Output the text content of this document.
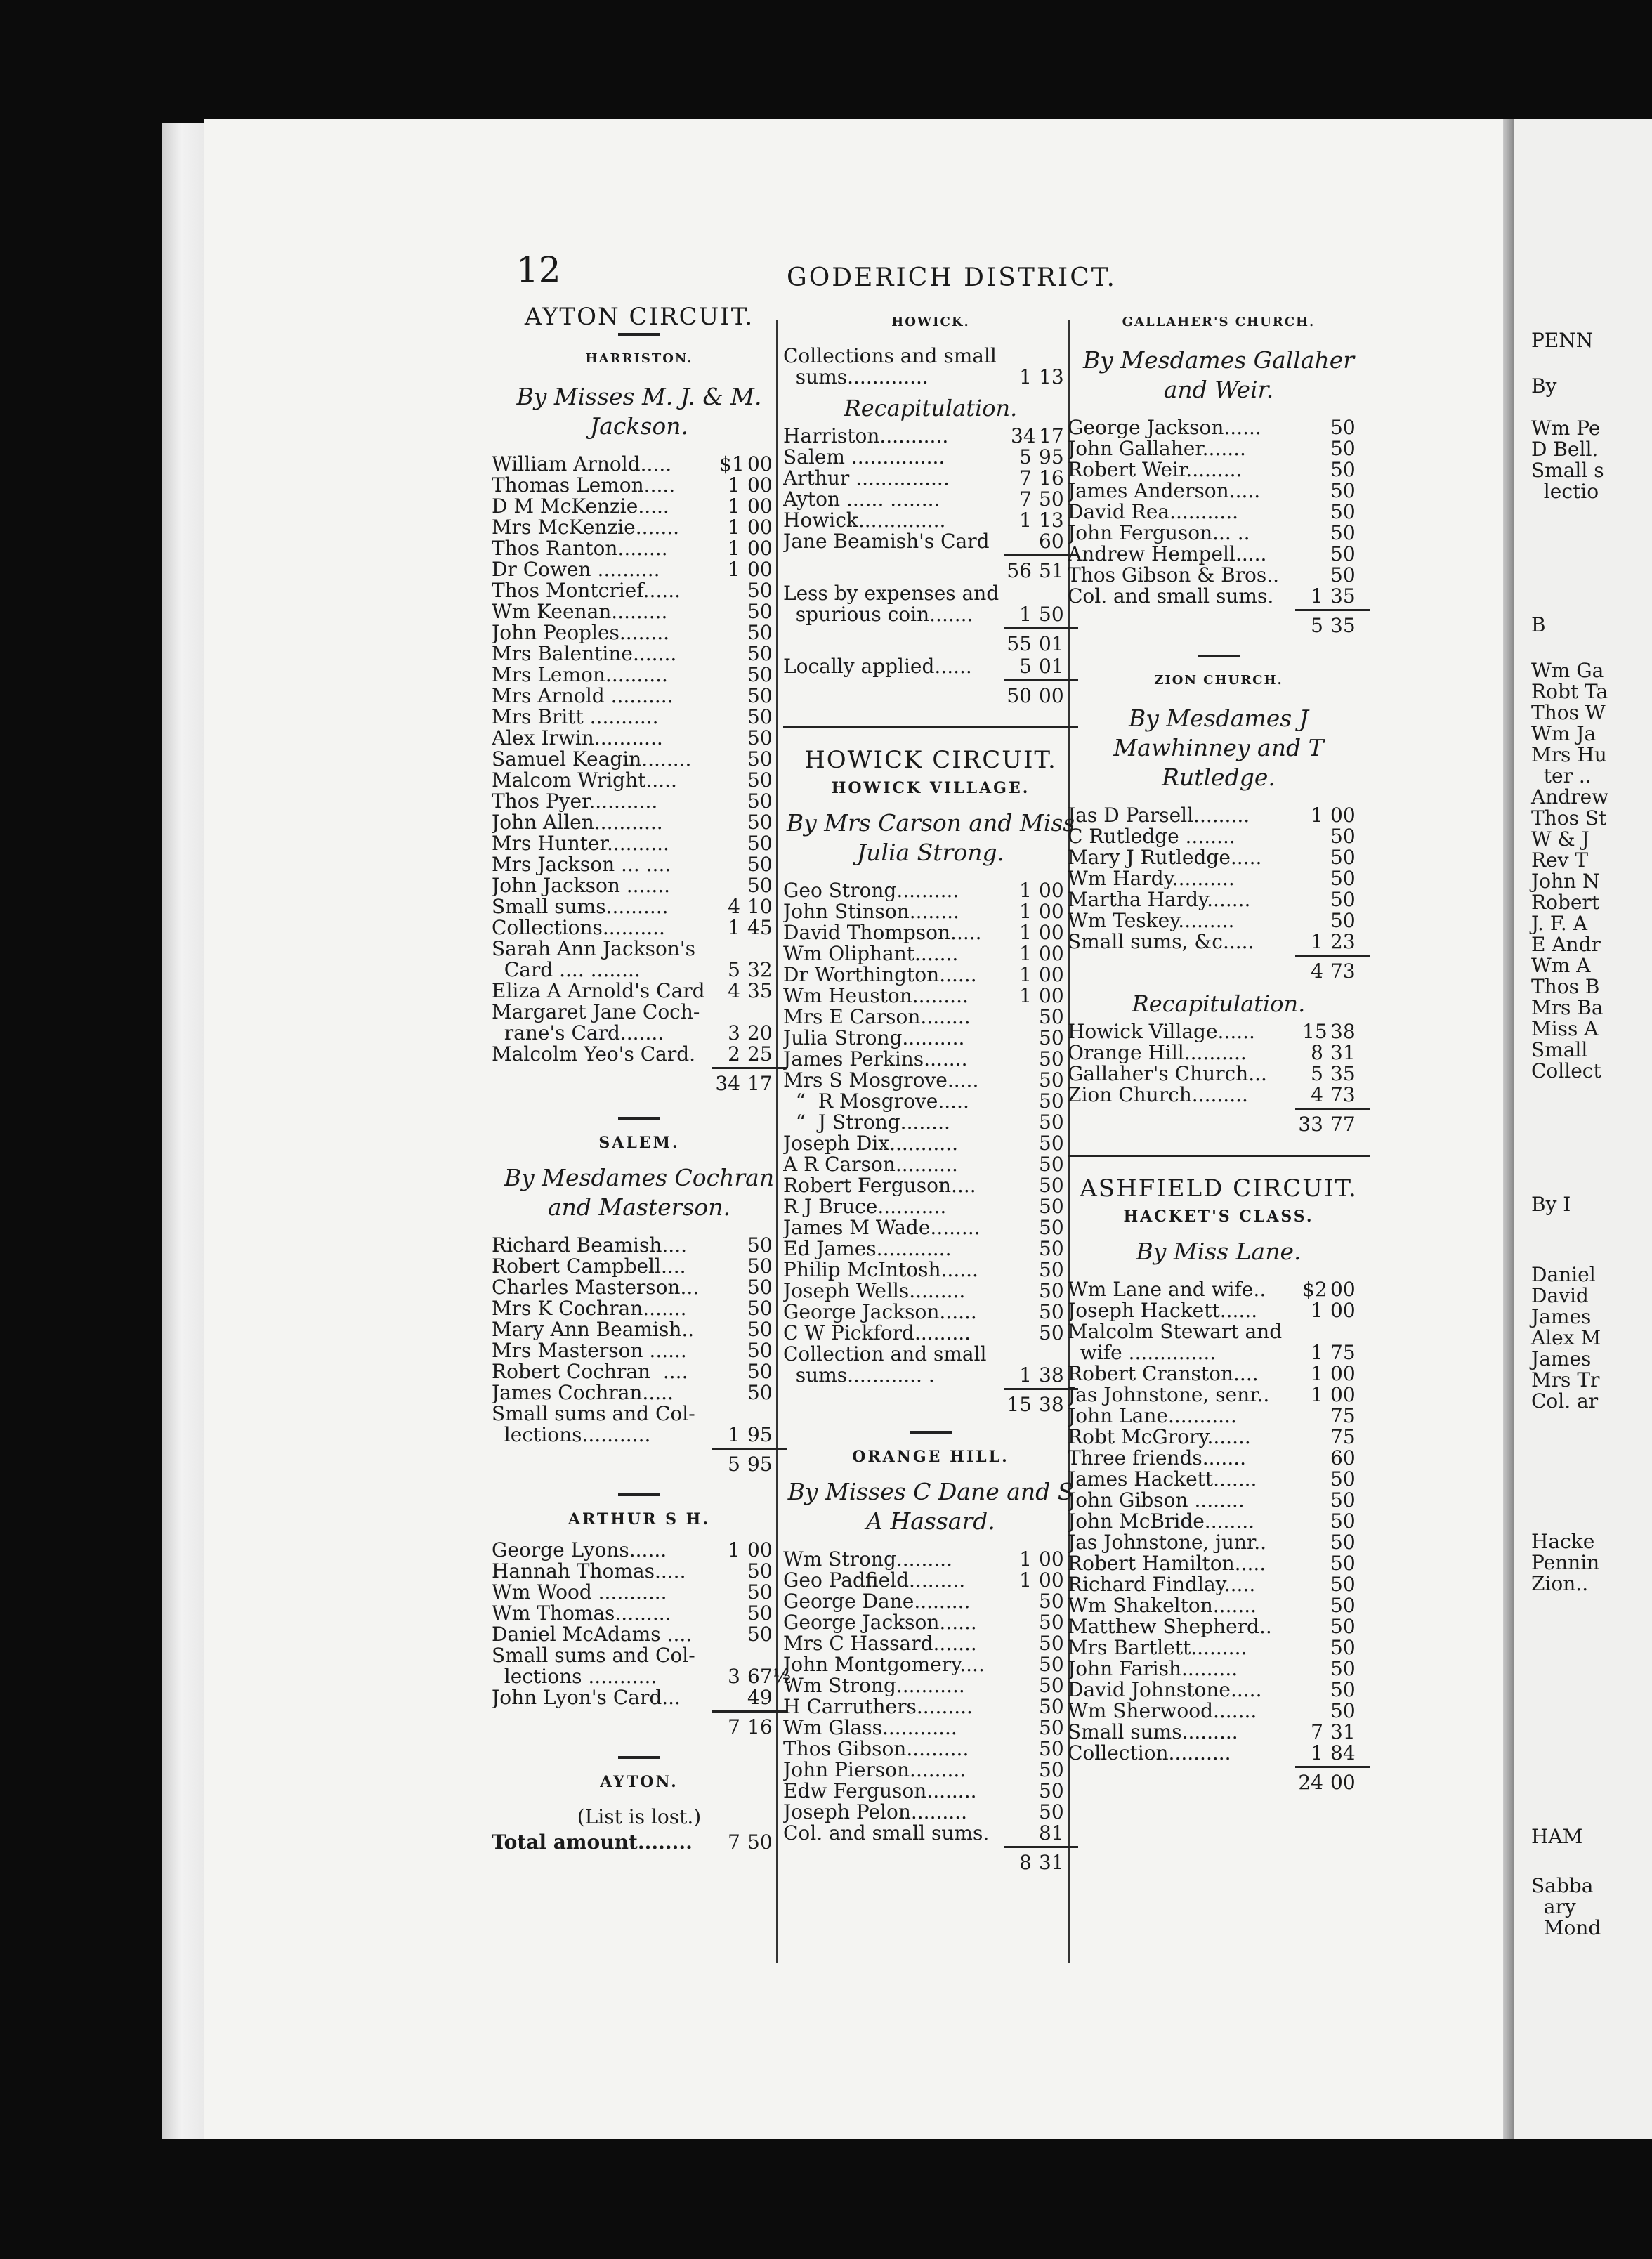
PENN
By
Wm Pe
D Bell.
Small s
lectio
B
Wm Ga
Robt Ta
Thos W
Wm Ja
Mrs Hu
ter ..
Andrew
Thos St
W & J
Rev T
John N
Robert
J. F. A
E Andr
Wm A
Thos B
Mrs Ba
Miss A
Small
Collect
By I
Daniel
David
James
Alex M
James
Mrs Tr
Col. ar
Hacke
Pennin
Zion..
HAM
Sabba
ary
Mond
12	GODERICH DISTRICT.
AYTON CIRCUIT.
HARRISTON.
By Misses M. J. & M. Jackson.
William Arnold.....	$1 00
Thomas Lemon.....	1 00
D M McKenzie.....	1 00
Mrs McKenzie.......	1 00
Thos Ranton........	1 00
Dr Cowen ..........	1 00
Thos Montcrief......	50
Wm Keenan.........	50
John Peoples........	50
Mrs Balentine.......	50
Mrs Lemon..........	50
Mrs Arnold ..........	50
Mrs Britt ...........	50
Alex Irwin...........	50
Samuel Keagin........	50
Malcom Wright.....	50
Thos Pyer...........	50
John Allen...........	50
Mrs Hunter..........	50
Mrs Jackson ... ....	50
John Jackson .......	50
Small sums..........	4 10
Collections..........	1 45
Sarah Ann Jackson's
Card .... ........	5 32
Eliza A Arnold's Card	4 35
Margaret Jane Coch-
rane's Card.......	3 20
Malcolm Yeo's Card.	2 25
34 17
SALEM.
By Mesdames Cochran and Masterson.
Richard Beamish....	50
Robert Campbell....	50
Charles Masterson...	50
Mrs K Cochran.......	50
Mary Ann Beamish..	50
Mrs Masterson ......	50
Robert Cochran  ....	50
James Cochran.....	50
Small sums and Col-
lections...........	1 95
5 95
ARTHUR S H.
George Lyons......	1 00
Hannah Thomas.....	50
Wm Wood ...........	50
Wm Thomas.........	50
Daniel McAdams ....	50
Small sums and Col-
lections ...........	3 67½
John Lyon's Card...	49
7 16
AYTON.
(List is lost.)
Total amount........	7 50
HOWICK.
Collections and small
sums.............	1 13
Recapitulation.
Harriston...........	34 17
Salem ...............	5 95
Arthur ...............	7 16
Ayton ...... ........	7 50
Howick..............	1 13
Jane Beamish's Card	60
56 51
Less by expenses and
spurious coin.......	1 50
55 01
Locally applied......	5 01
50 00
HOWICK CIRCUIT.
HOWICK VILLAGE.
By Mrs Carson and Miss Julia Strong.
Geo Strong..........	1 00
John Stinson........	1 00
David Thompson.....	1 00
Wm Oliphant.......	1 00
Dr Worthington......	1 00
Wm Heuston.........	1 00
Mrs E Carson........	50
Julia Strong..........	50
James Perkins.......	50
Mrs S Mosgrove.....	50
“  R Mosgrove.....	50
“  J Strong........	50
Joseph Dix...........	50
A R Carson..........	50
Robert Ferguson....	50
R J Bruce...........	50
James M Wade........	50
Ed James............	50
Philip McIntosh......	50
Joseph Wells.........	50
George Jackson......	50
C W Pickford.........	50
Collection and small
sums............ .	1 38
15 38
ORANGE HILL.
By Misses C Dane and S A Hassard.
Wm Strong.........	1 00
Geo Padfield.........	1 00
George Dane.........	50
George Jackson......	50
Mrs C Hassard.......	50
John Montgomery....	50
Wm Strong...........	50
H Carruthers.........	50
Wm Glass............	50
Thos Gibson..........	50
John Pierson.........	50
Edw Ferguson........	50
Joseph Pelon.........	50
Col. and small sums.	81
8 31
GALLAHER'S CHURCH.
By Mesdames Gallaher and Weir.
George Jackson......	50
John Gallaher.......	50
Robert Weir.........	50
James Anderson.....	50
David Rea...........	50
John Ferguson... ..	50
Andrew Hempell.....	50
Thos Gibson & Bros..	50
Col. and small sums.	1 35
5 35
ZION CHURCH.
By Mesdames J Mawhinney and T Rutledge.
Jas D Parsell.........	1 00
C Rutledge ........	50
Mary J Rutledge.....	50
Wm Hardy..........	50
Martha Hardy.......	50
Wm Teskey.........	50
Small sums, &c.....	1 23
4 73
Recapitulation.
Howick Village......	15 38
Orange Hill..........	8 31
Gallaher's Church...	5 35
Zion Church.........	4 73
33 77
ASHFIELD CIRCUIT.
HACKET'S CLASS.
By Miss Lane.
Wm Lane and wife..	$2 00
Joseph Hackett......	1 00
Malcolm Stewart and
wife ..............	1 75
Robert Cranston....	1 00
Jas Johnstone, senr..	1 00
John Lane...........	75
Robt McGrory.......	75
Three friends.......	60
James Hackett.......	50
John Gibson ........	50
John McBride........	50
Jas Johnstone, junr..	50
Robert Hamilton.....	50
Richard Findlay.....	50
Wm Shakelton.......	50
Matthew Shepherd..	50
Mrs Bartlett.........	50
John Farish.........	50
David Johnstone.....	50
Wm Sherwood.......	50
Small sums.........	7 31
Collection..........	1 84
24 00
